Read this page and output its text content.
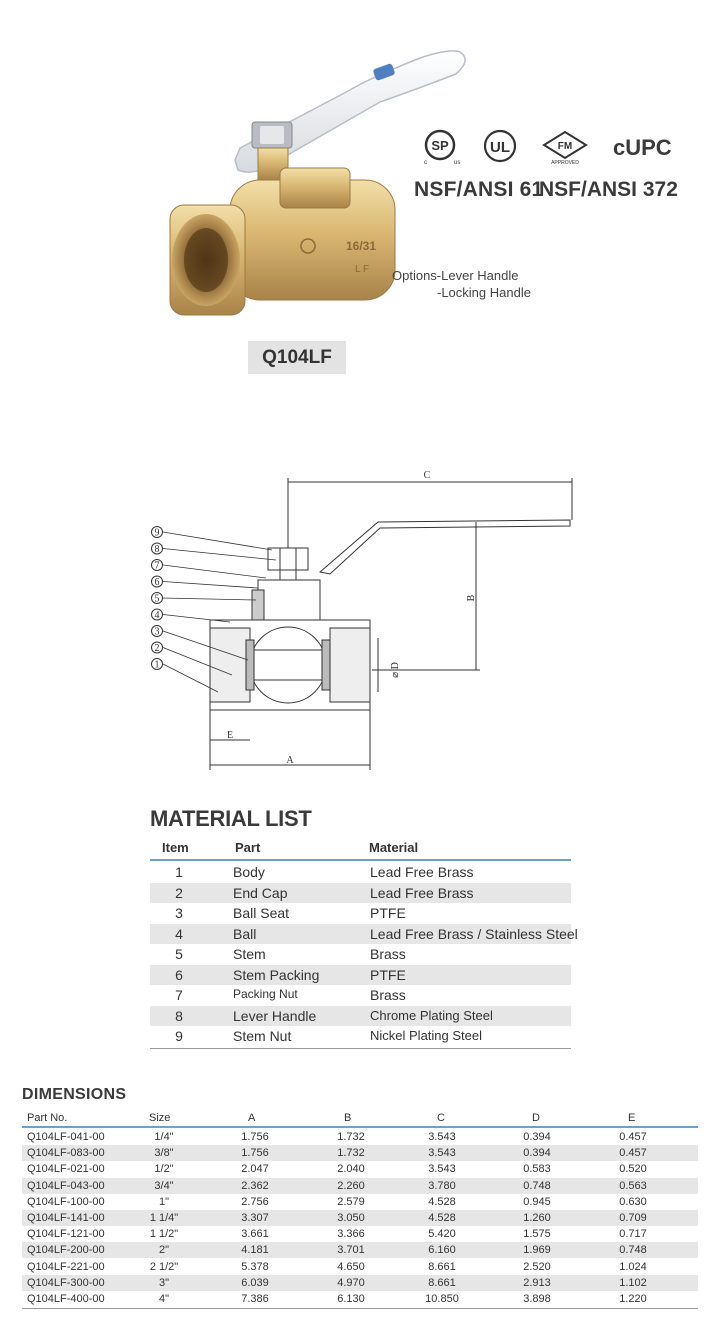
16/31
L F
SP
c	us
UL	FM
APPROVED
cUPC
NSF/ANSI 61
NSF/ANSI 372
Options-Lever Handle
-Locking Handle
Q104LF
C
B
⌀ D
E
A
9
8
7
6
5
4
3
2
1
MATERIAL LIST
Item	Part	Material
1	Body	Lead Free Brass
2	End Cap	Lead Free Brass
3	Ball Seat	PTFE
4	Ball	Lead Free Brass / Stainless Steel
5	Stem	Brass
6	Stem Packing	PTFE
7	Packing Nut	Brass
8	Lever Handle	Chrome Plating Steel
9	Stem Nut	Nickel Plating Steel
DIMENSIONS
Part No.	Size	A	B	C	D	E
Q104LF-041-00	1/4"	1.756	1.732	3.543	0.394	0.457
Q104LF-083-00	3/8"	1.756	1.732	3.543	0.394	0.457
Q104LF-021-00	1/2"	2.047	2.040	3.543	0.583	0.520
Q104LF-043-00	3/4"	2.362	2.260	3.780	0.748	0.563
Q104LF-100-00	1"	2.756	2.579	4.528	0.945	0.630
Q104LF-141-00	1 1/4"	3.307	3.050	4.528	1.260	0.709
Q104LF-121-00	1 1/2"	3.661	3.366	5.420	1.575	0.717
Q104LF-200-00	2"	4.181	3.701	6.160	1.969	0.748
Q104LF-221-00	2 1/2"	5.378	4.650	8.661	2.520	1.024
Q104LF-300-00	3"	6.039	4.970	8.661	2.913	1.102
Q104LF-400-00	4"	7.386	6.130	10.850	3.898	1.220
